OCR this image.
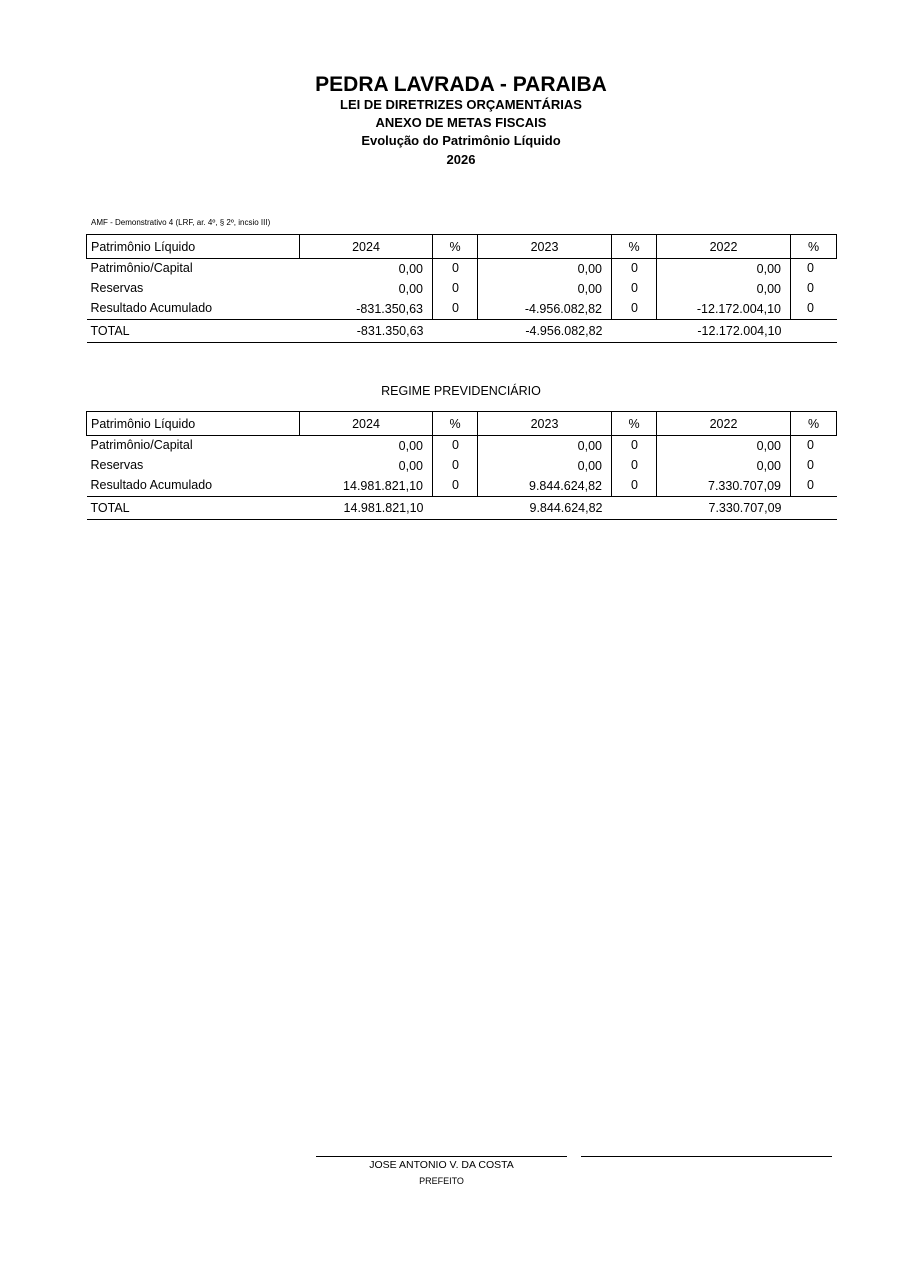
PEDRA LAVRADA - PARAIBA
LEI DE DIRETRIZES ORÇAMENTÁRIAS
ANEXO DE METAS FISCAIS
Evolução do Patrimônio Líquido
2026
AMF - Demonstrativo 4 (LRF, ar. 4º, § 2º, incsio III)
Patrimônio Líquido	2024	%	2023	%	2022	%
Patrimônio/Capital	0,00	0	0,00	0	0,00	0
Reservas	0,00	0	0,00	0	0,00	0
Resultado Acumulado	-831.350,63	0	-4.956.082,82	0	-12.172.004,10	0
TOTAL	-831.350,63		-4.956.082,82		-12.172.004,10	
REGIME PREVIDENCIÁRIO
Patrimônio Líquido	2024	%	2023	%	2022	%
Patrimônio/Capital	0,00	0	0,00	0	0,00	0
Reservas	0,00	0	0,00	0	0,00	0
Resultado Acumulado	14.981.821,10	0	9.844.624,82	0	7.330.707,09	0
TOTAL	14.981.821,10		9.844.624,82		7.330.707,09	
JOSE ANTONIO V. DA COSTA
PREFEITO
